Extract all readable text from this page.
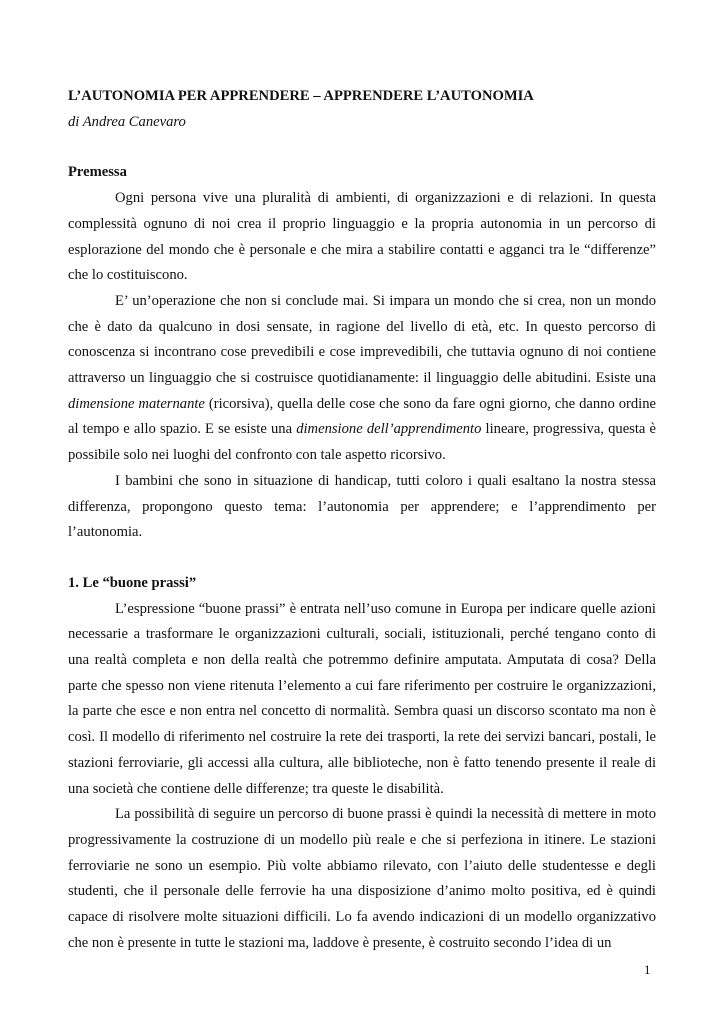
L’AUTONOMIA PER APPRENDERE – APPRENDERE L’AUTONOMIA
di Andrea Canevaro
Premessa

Ogni persona vive una pluralità di ambienti, di organizzazioni e di relazioni. In questa complessità ognuno di noi crea il proprio linguaggio e la propria autonomia in un percorso di esplorazione del mondo che è personale e che mira a stabilire contatti e agganci tra le “differenze” che lo costituiscono.

E’ un’operazione che non si conclude mai. Si impara un mondo che si crea, non un mondo che è dato da qualcuno in dosi sensate, in ragione del livello di età, etc. In questo percorso di conoscenza si incontrano cose prevedibili e cose imprevedibili, che tuttavia ognuno di noi contiene attraverso un linguaggio che si costruisce quotidianamente: il linguaggio delle abitudini. Esiste una dimensione maternante (ricorsiva), quella delle cose che sono da fare ogni giorno, che danno ordine al tempo e allo spazio. E se esiste una dimensione dell’apprendimento lineare, progressiva, questa è possibile solo nei luoghi del confronto con tale aspetto ricorsivo.

I bambini che sono in situazione di handicap, tutti coloro i quali esaltano la nostra stessa differenza, propongono questo tema: l’autonomia per apprendere; e l’apprendimento per l’autonomia.

1. Le “buone prassi”

L’espressione “buone prassi” è entrata nell’uso comune in Europa per indicare quelle azioni necessarie a trasformare le organizzazioni culturali, sociali, istituzionali, perché tengano conto di una realtà completa e non della realtà che potremmo definire amputata. Amputata di cosa? Della parte che spesso non viene ritenuta l’elemento a cui fare riferimento per costruire le organizzazioni, la parte che esce e non entra nel concetto di normalità. Sembra quasi un discorso scontato ma non è così. Il modello di riferimento nel costruire la rete dei trasporti, la rete dei servizi bancari, postali, le stazioni ferroviarie, gli accessi alla cultura, alle biblioteche, non è fatto tenendo presente il reale di una società che contiene delle differenze; tra queste le disabilità.

La possibilità di seguire un percorso di buone prassi è quindi la necessità di mettere in moto progressivamente la costruzione di un modello più reale e che si perfeziona in itinere. Le stazioni ferroviarie ne sono un esempio. Più volte abbiamo rilevato, con l’aiuto delle studentesse e degli studenti, che il personale delle ferrovie ha una disposizione d’animo molto positiva, ed è quindi capace di risolvere molte situazioni difficili. Lo fa avendo indicazioni di un modello organizzativo che non è presente in tutte le stazioni ma, laddove è presente, è costruito secondo l’idea di un

1
